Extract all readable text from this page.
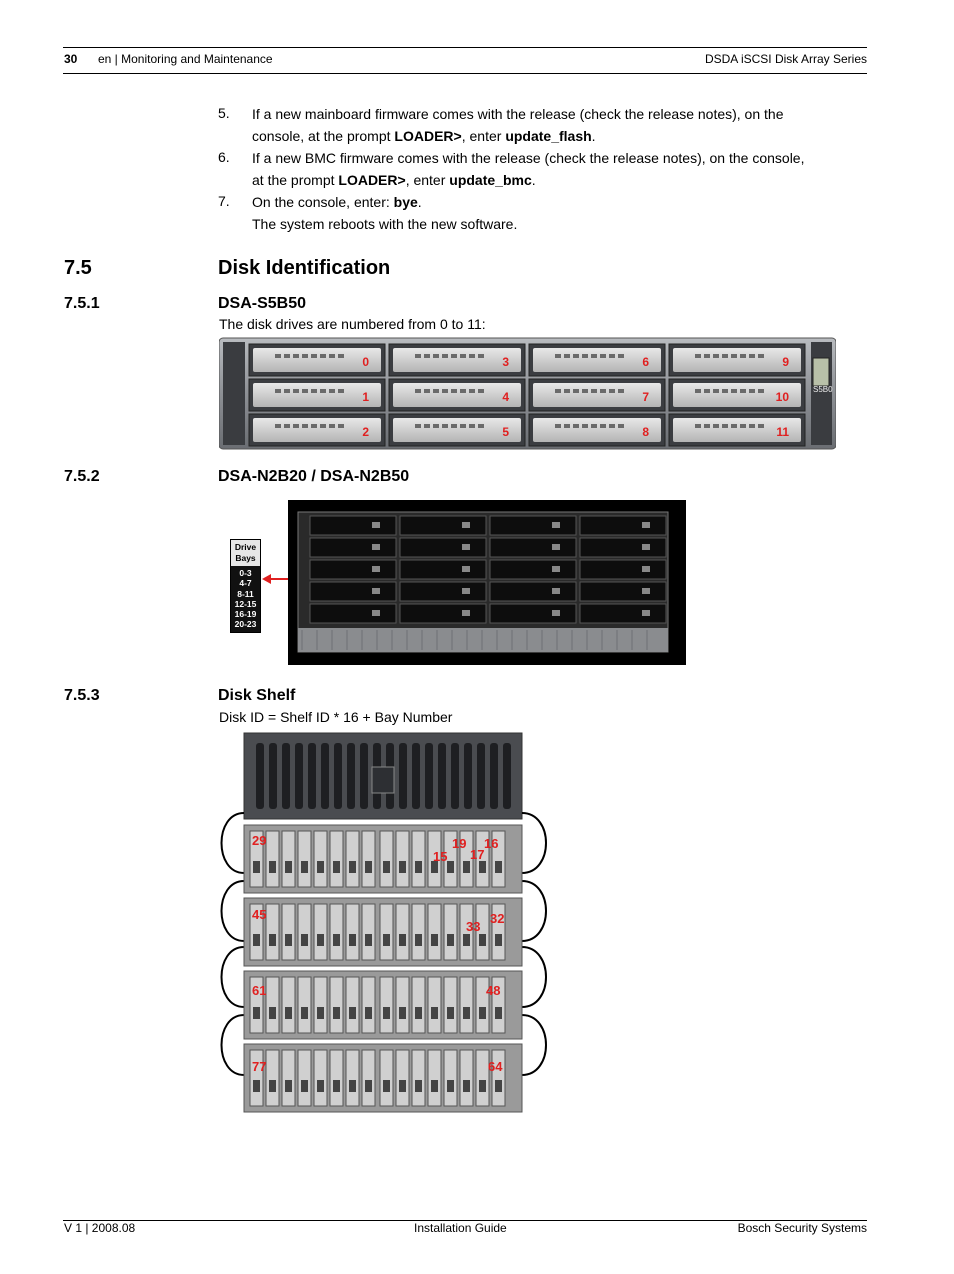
30 en | Monitoring and Maintenance	DSDA iSCSI Disk Array Series
5. If a new mainboard firmware comes with the release (check the release notes), on the
console, at the prompt LOADER>, enter update_flash.
6. If a new BMC firmware comes with the release (check the release notes), on the console,
at the prompt LOADER>, enter update_bmc.
7. On the console, enter: bye.
The system reboots with the new software.
7.5	Disk Identification
7.5.1	DSA-S5B50
The disk drives are numbered from 0 to 11:
S5B0
0
1
2
3
4
5
6
7
8
9
10
11
7.5.2	DSA-N2B20 / DSA-N2B50
Drive
Bays
0-3
4-7
8-11
12-15
16-19
20-23
7.5.3	Disk Shelf
Disk ID = Shelf ID * 16 + Bay Number
29	19 16
15 17
45
33
32
61	48
77	64
V 1 | 2008.08	Installation Guide	Bosch Security Systems
